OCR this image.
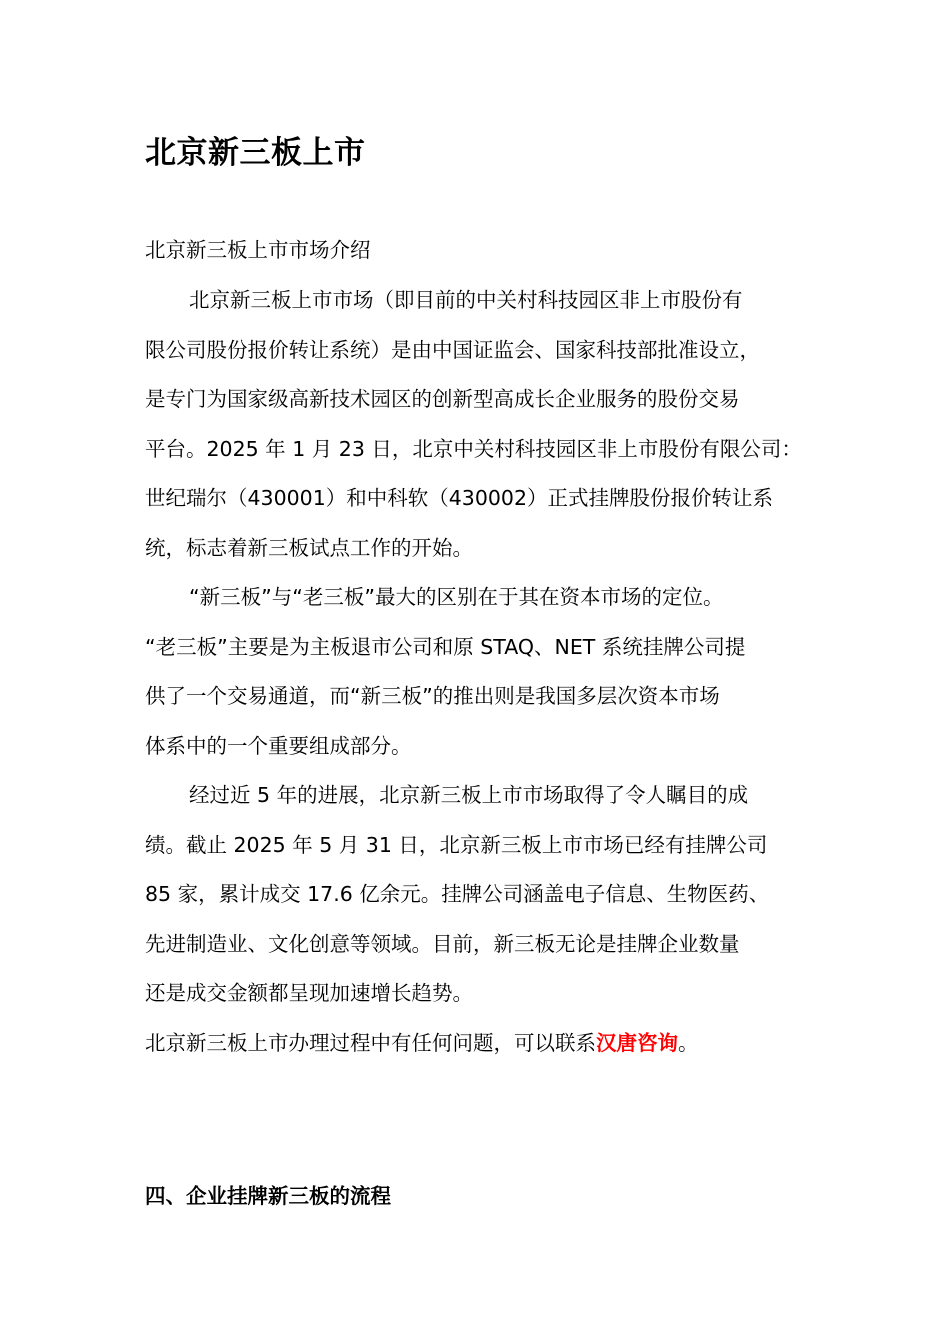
北京新三板上市
北京新三板上市市场介绍
北京新三板上市市场（即目前的中关村科技园区非上市股份有
限公司股份报价转让系统）是由中国证监会、国家科技部批准设立，
是专门为国家级高新技术园区的创新型高成长企业服务的股份交易
平台。2025 年 1 月 23 日，北京中关村科技园区非上市股份有限公司：
世纪瑞尔（430001）和中科软（430002）正式挂牌股份报价转让系
统，标志着新三板试点工作的开始。
“新三板”与“老三板”最大的区别在于其在资本市场的定位。
“老三板”主要是为主板退市公司和原 STAQ、NET 系统挂牌公司提
供了一个交易通道，而“新三板”的推出则是我国多层次资本市场
体系中的一个重要组成部分。
经过近 5 年的进展，北京新三板上市市场取得了令人瞩目的成
绩。截止 2025 年 5 月 31 日，北京新三板上市市场已经有挂牌公司
85 家，累计成交 17.6 亿余元。挂牌公司涵盖电子信息、生物医药、
先进制造业、文化创意等领域。目前，新三板无论是挂牌企业数量
还是成交金额都呈现加速增长趋势。
北京新三板上市办理过程中有任何问题，可以联系汉唐咨询。
四、企业挂牌新三板的流程
